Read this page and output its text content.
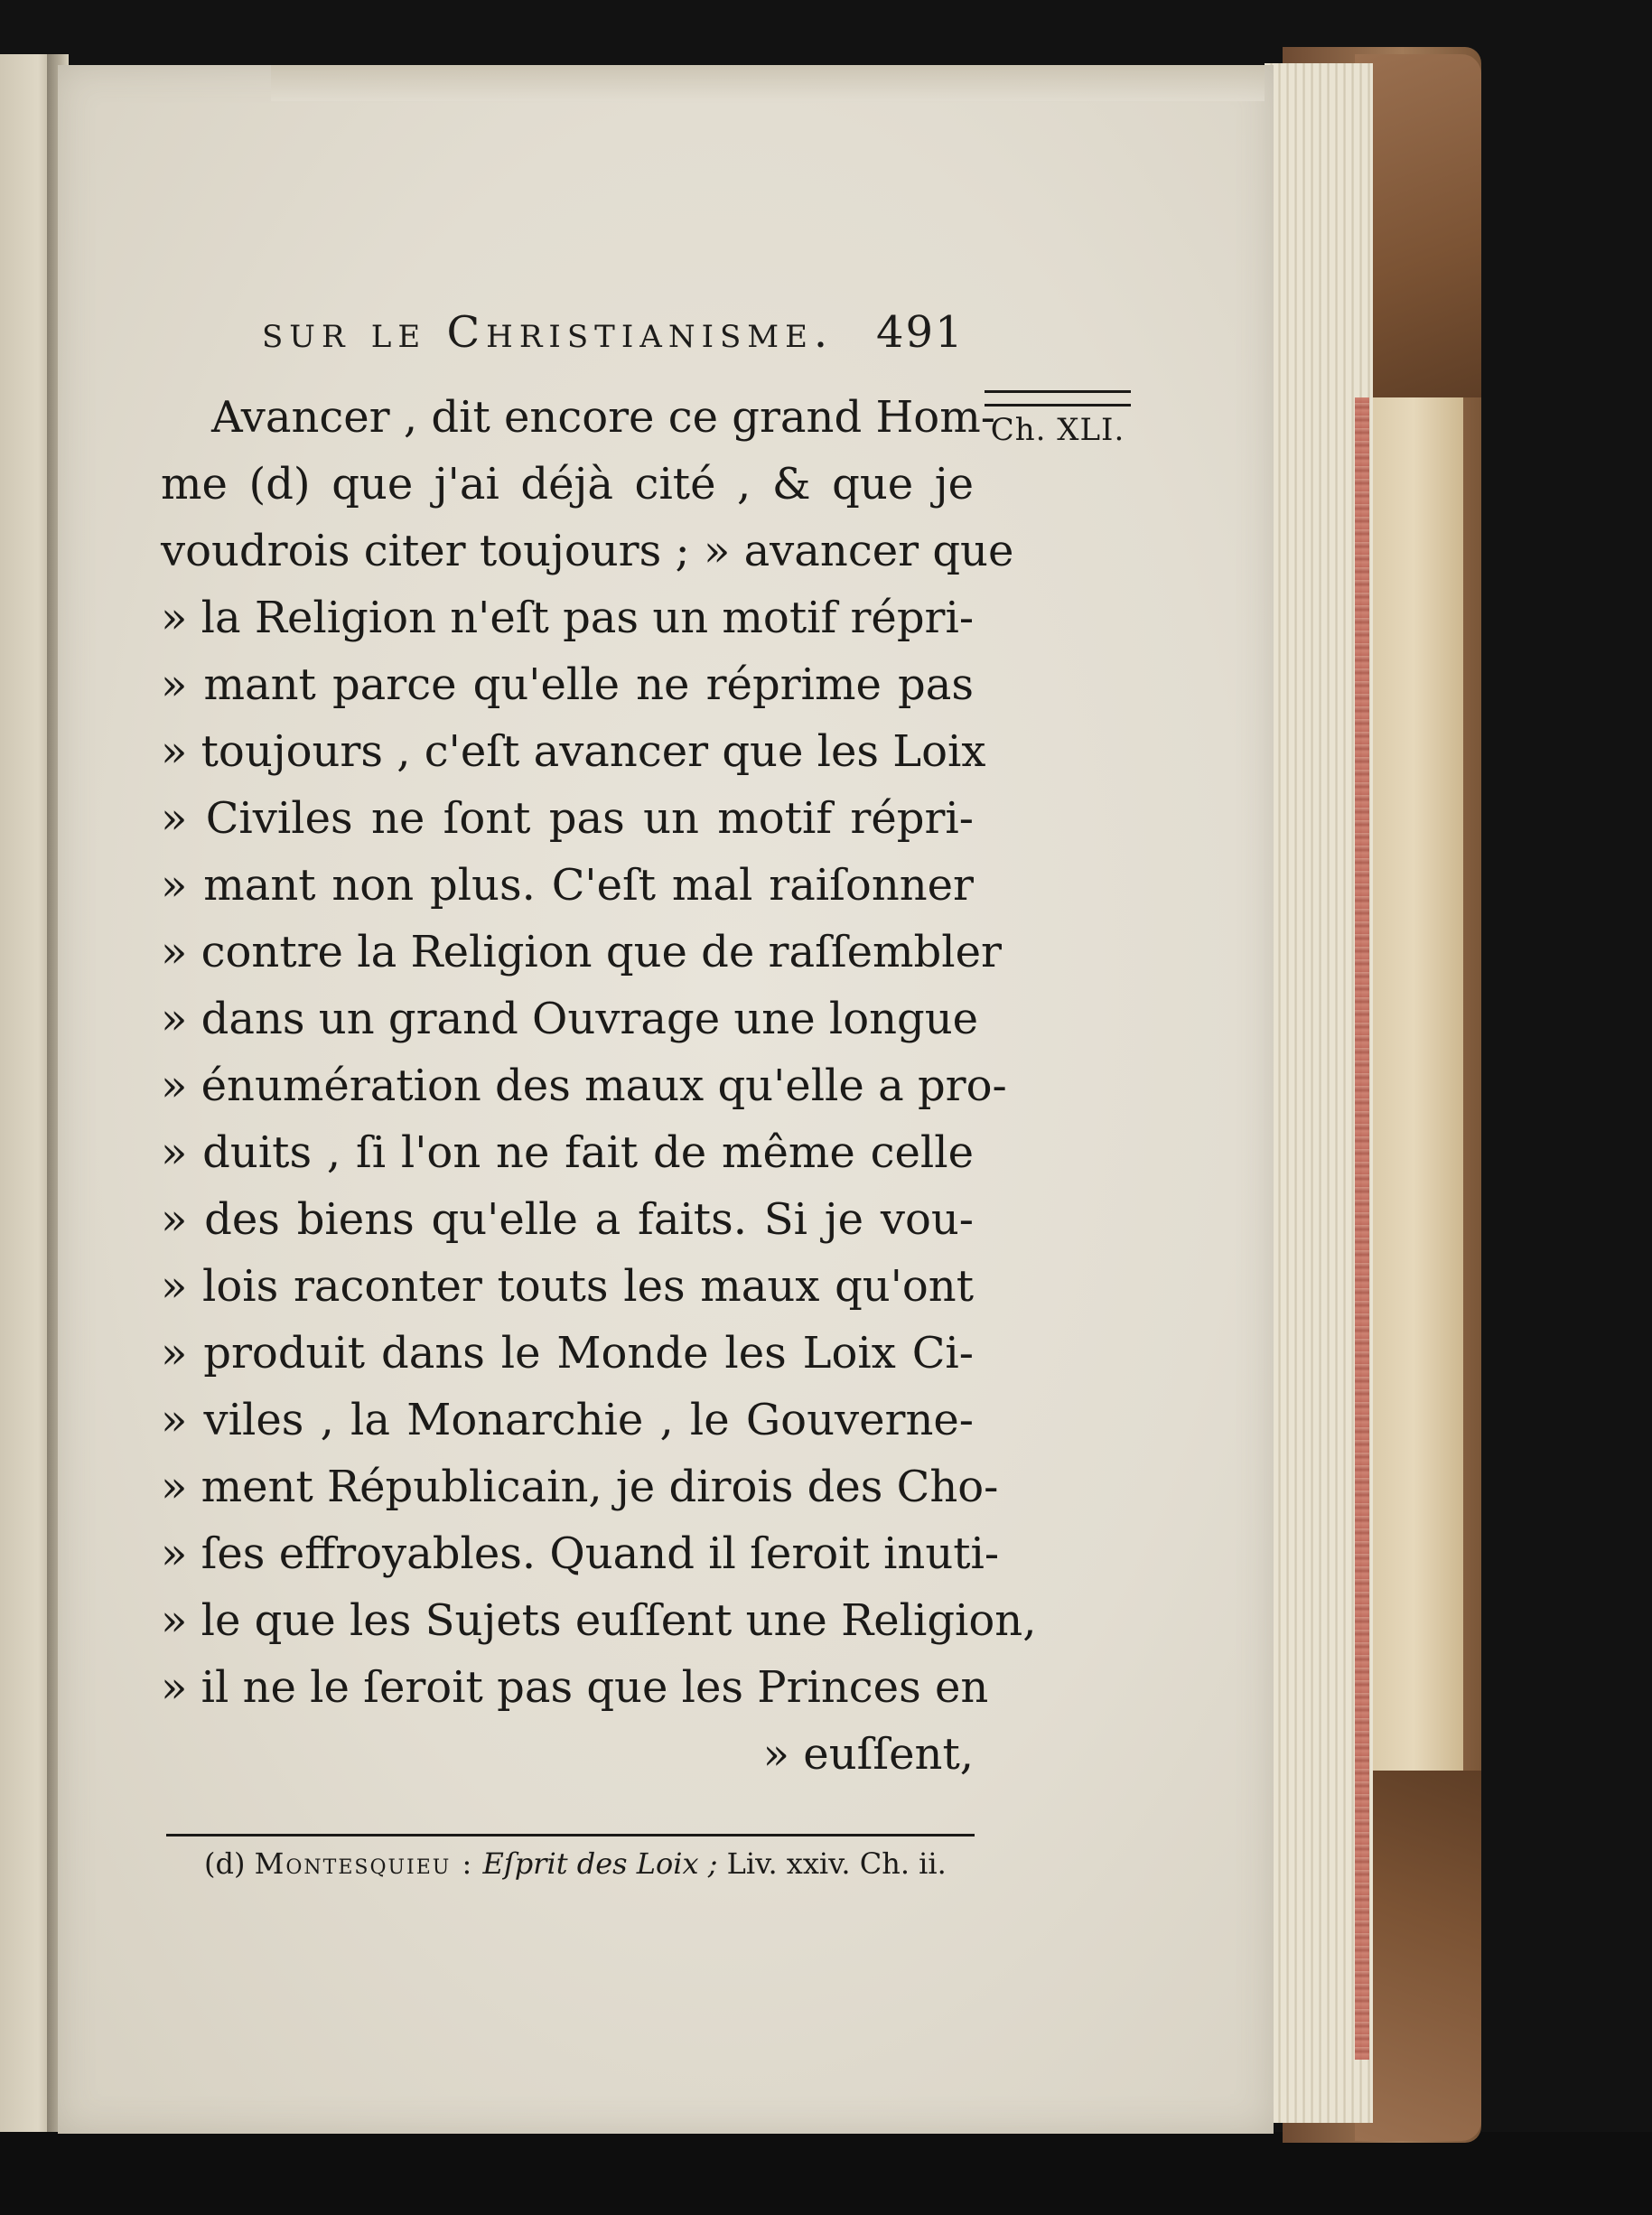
sur le Christianisme. 491
Ch. XLI.
Avancer , dit encore ce grand Hom-
me (d) que j'ai déjà cité , & que je
voudrois citer toujours ; » avancer que
» la Religion n'eſt pas un motif répri-
» mant parce qu'elle ne réprime pas
» toujours , c'eſt avancer que les Loix
» Civiles ne ſont pas un motif répri-
» mant non plus. C'eſt mal raiſonner
» contre la Religion que de raſſembler
» dans un grand Ouvrage une longue
» énumération des maux qu'elle a pro-
» duits , ſi l'on ne fait de même celle
» des biens qu'elle a faits. Si je vou-
» lois raconter touts les maux qu'ont
» produit dans le Monde les Loix Ci-
» viles , la Monarchie , le Gouverne-
» ment Républicain, je dirois des Cho-
» ſes effroyables. Quand il ſeroit inuti-
» le que les Sujets euſſent une Religion,
» il ne le ſeroit pas que les Princes en
» euſſent,
(d) Montesquieu : Eſprit des Loix ; Liv. xxiv. Ch. ii.
